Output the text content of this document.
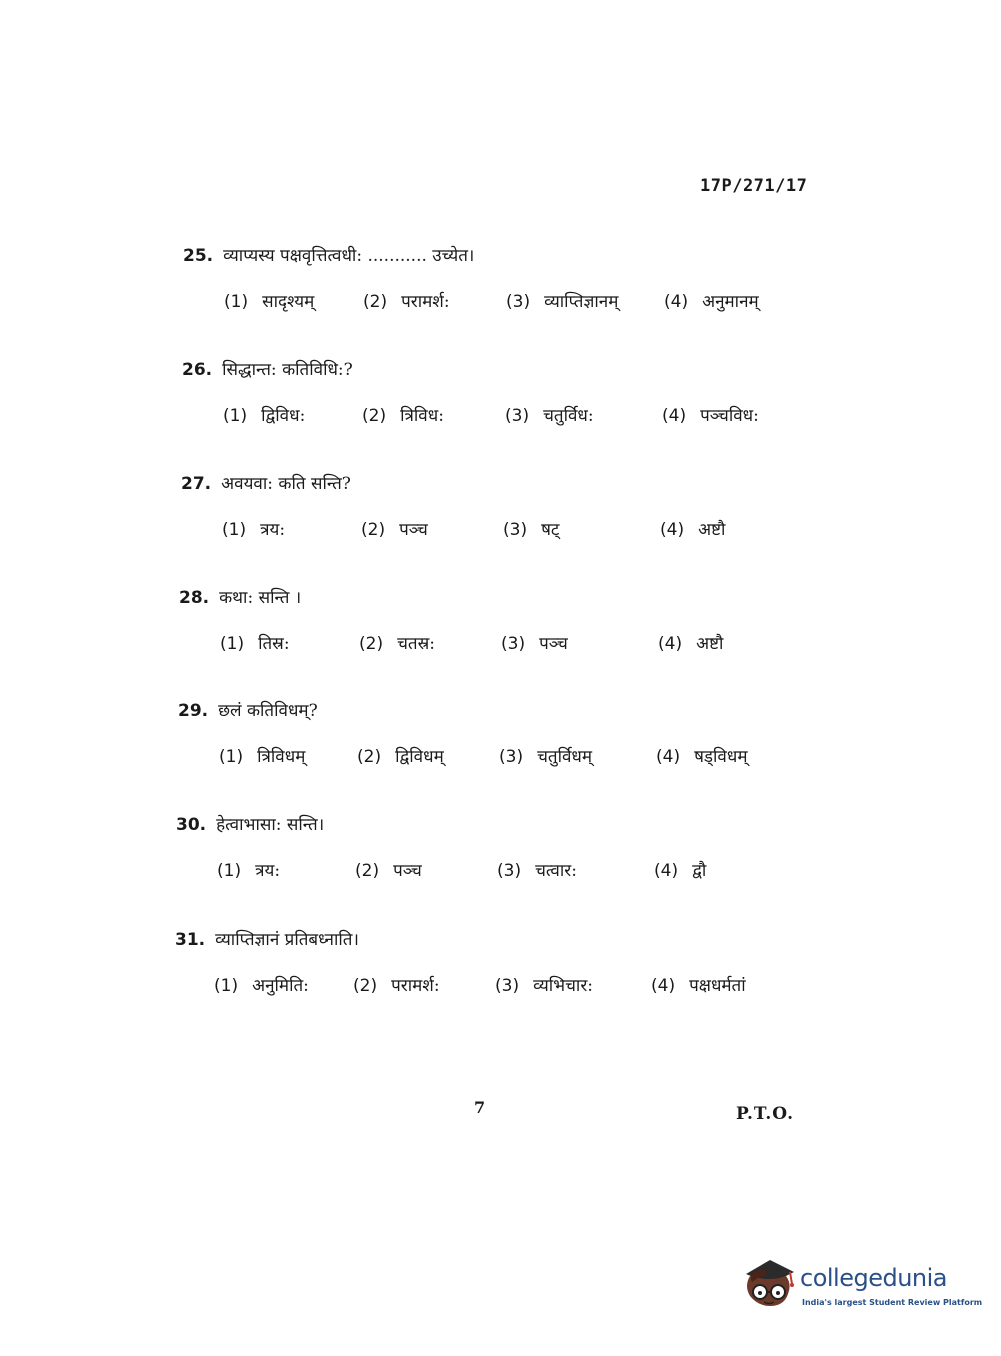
17P/271/17
25. व्याप्यस्य पक्षवृत्तित्वधी: ........... उच्येत।
(1) सादृश्यम्	(2) परामर्श:	(3) व्याप्तिज्ञानम्	(4) अनुमानम्
26. सिद्धान्त: कतिविधि:?
(1) द्विविध:	(2) त्रिविध:	(3) चतुर्विध:	(4) पञ्चविध:
27. अवयवा: कति सन्ति?
(1) त्रय:	(2) पञ्च	(3) षट्	(4) अष्टौ
28. कथा: सन्ति ।
(1) तिस्र:	(2) चतस्र:	(3) पञ्च	(4) अष्टौ
29. छलं कतिविधम्?
(1) त्रिविधम्	(2) द्विविधम्	(3) चतुर्विधम्	(4) षड्विधम्
30. हेत्वाभासा: सन्ति।
(1) त्रय:	(2) पञ्च	(3) चत्वार:	(4) द्वौ
31. व्याप्तिज्ञानं प्रतिबध्नाति।
(1) अनुमिति:	(2) परामर्श:	(3) व्यभिचार:	(4) पक्षधर्मतां
7	P.T.O.
collegedunia
India's largest Student Review Platform
